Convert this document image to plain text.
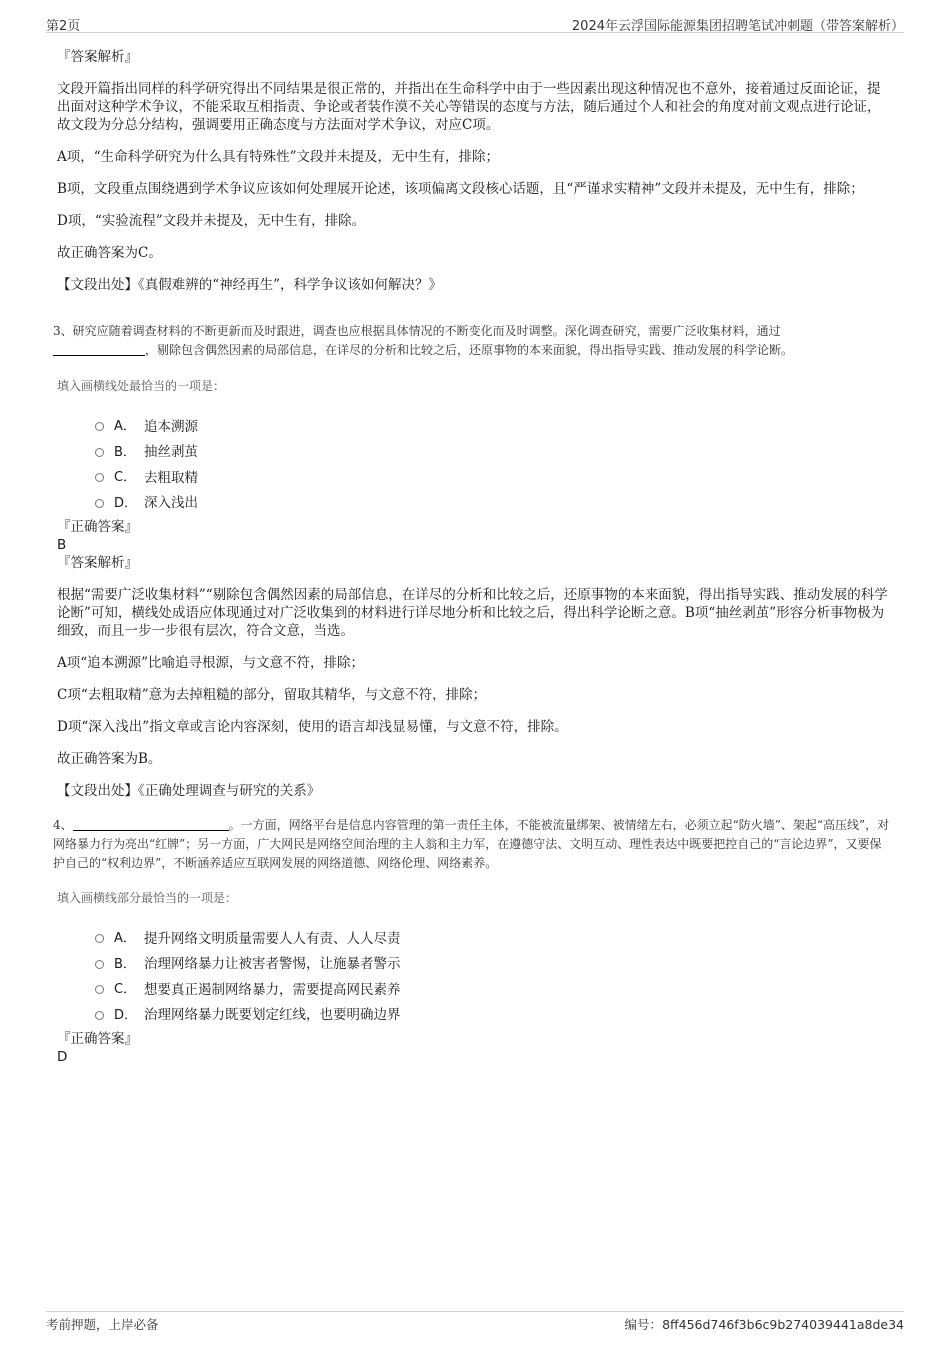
第2页	2024年云浮国际能源集团招聘笔试冲刺题（带答案解析）

『答案解析』

文段开篇指出同样的科学研究得出不同结果是很正常的，并指出在生命科学中由于一些因素出现这种情况也不意外，接着通过反面论证，提出面对这种学术争议，不能采取互相指责、争论或者装作漠不关心等错误的态度与方法，随后通过个人和社会的角度对前文观点进行论证，故文段为分总分结构，强调要用正确态度与方法面对学术争议，对应C项。

A项，“生命科学研究为什么具有特殊性”文段并未提及，无中生有，排除；

B项，文段重点围绕遇到学术争议应该如何处理展开论述，该项偏离文段核心话题，且“严谨求实精神”文段并未提及，无中生有，排除；

D项，“实验流程”文段并未提及，无中生有，排除。

故正确答案为C。

【文段出处】《真假难辨的“神经再生”，科学争议该如何解决？》

3、研究应随着调查材料的不断更新而及时跟进，调查也应根据具体情况的不断变化而及时调整。深化调查研究，需要广泛收集材料，通过
，剔除包含偶然因素的局部信息，在详尽的分析和比较之后，还原事物的本来面貌，得出指导实践、推动发展的科学论断。

填入画横线处最恰当的一项是：

A． 追本溯源
B． 抽丝剥茧
C． 去粗取精
D． 深入浅出

『正确答案』

B

『答案解析』

根据“需要广泛收集材料”“剔除包含偶然因素的局部信息，在详尽的分析和比较之后，还原事物的本来面貌，得出指导实践、推动发展的科学论断”可知，横线处成语应体现通过对广泛收集到的材料进行详尽地分析和比较之后，得出科学论断之意。B项“抽丝剥茧”形容分析事物极为细致，而且一步一步很有层次，符合文意，当选。

A项“追本溯源”比喻追寻根源，与文意不符，排除；

C项“去粗取精”意为去掉粗糙的部分，留取其精华，与文意不符，排除；

D项“深入浅出”指文章或言论内容深刻，使用的语言却浅显易懂，与文意不符，排除。

故正确答案为B。

【文段出处】《正确处理调查与研究的关系》

4、	。一方面，网络平台是信息内容管理的第一责任主体，不能被流量绑架、被情绪左右，必须立起“防火墙”、架起“高压线”，对网络暴力行为亮出“红牌”；另一方面，广大网民是网络空间治理的主人翁和主力军，在遵德守法、文明互动、理性表达中既要把控自己的“言论边界”，又要保护自己的“权利边界”，不断涵养适应互联网发展的网络道德、网络伦理、网络素养。

填入画横线部分最恰当的一项是：

A． 提升网络文明质量需要人人有责、人人尽责
B． 治理网络暴力让被害者警惕，让施暴者警示
C． 想要真正遏制网络暴力，需要提高网民素养
D． 治理网络暴力既要划定红线，也要明确边界

『正确答案』

D

考前押题，上岸必备	编号：8ff456d746f3b6c9b274039441a8de34
